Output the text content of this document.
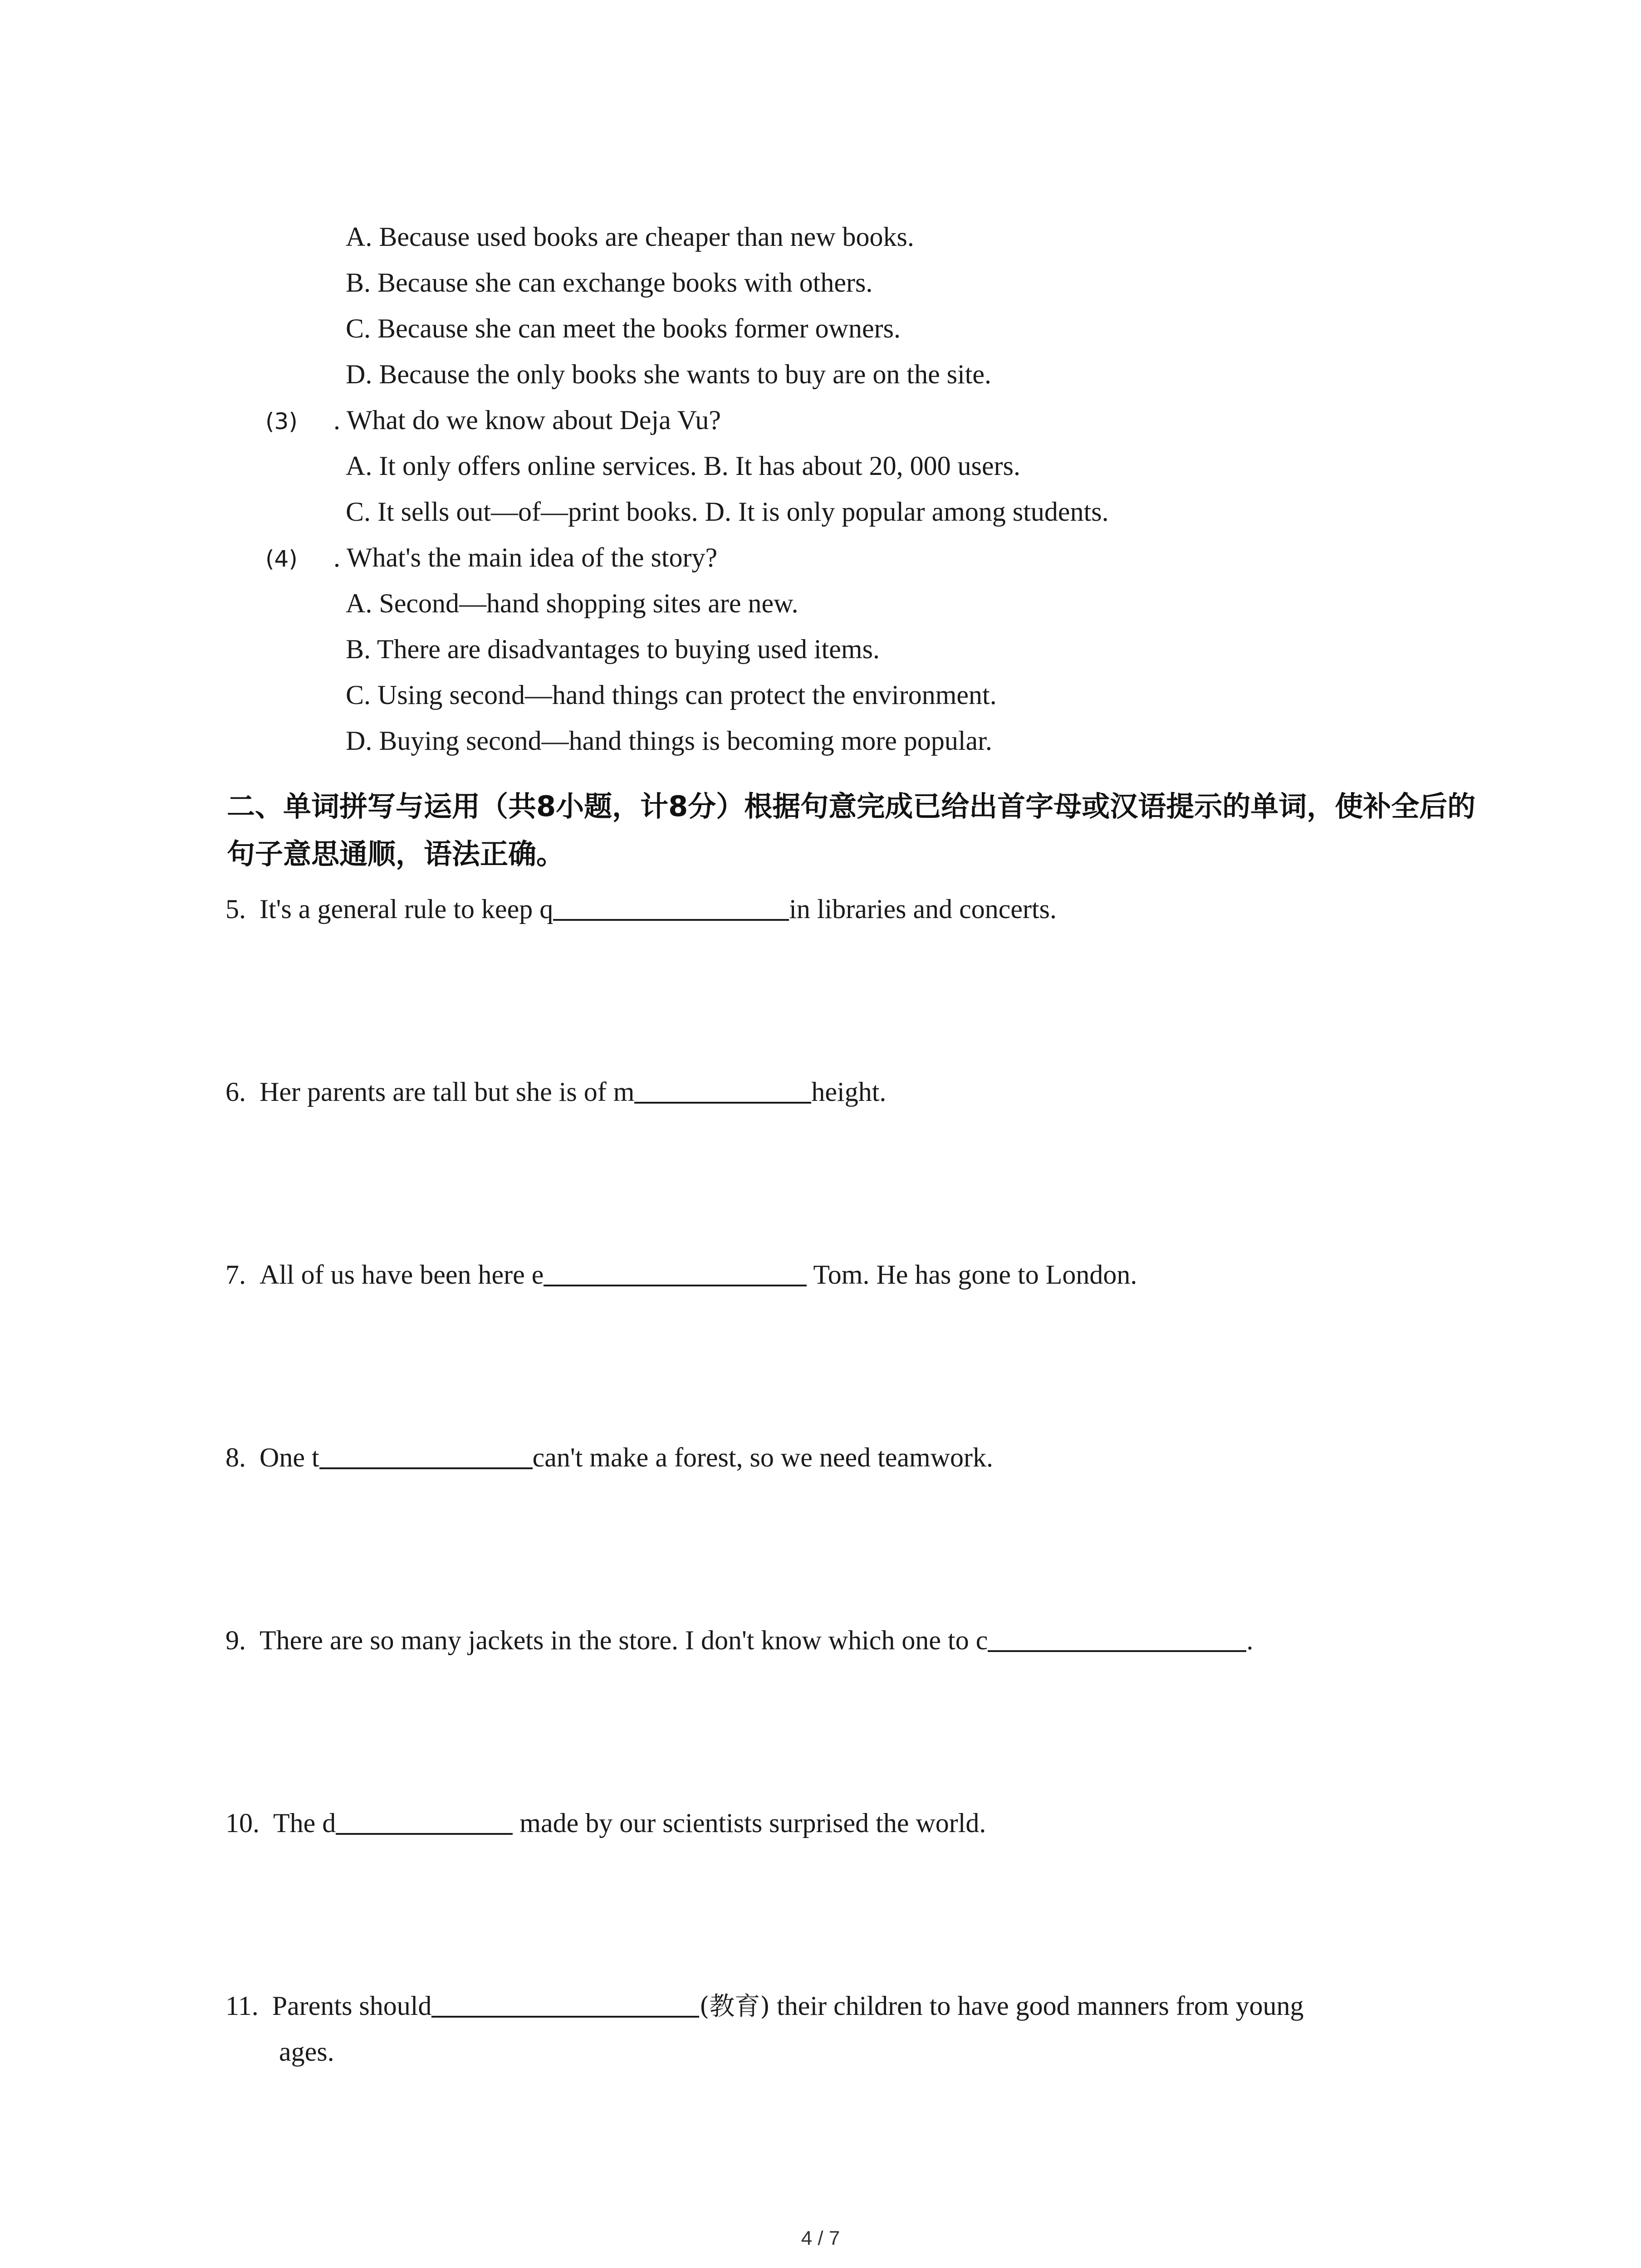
A. Because used books are cheaper than new books.
B. Because she can exchange books with others.
C. Because she can meet the books former owners.
D. Because the only books she wants to buy are on the site.
(3) . What do we know about Deja Vu?
A. It only offers online services. B. It has about 20, 000 users.
C. It sells out—of—print books. D. It is only popular among students.
(4) . What's the main idea of the story?
A. Second—hand shopping sites are new.
B. There are disadvantages to buying used items.
C. Using second—hand things can protect the environment.
D. Buying second—hand things is becoming more popular.
二、单词拼写与运用（共8小题，计8分）根据句意完成已给出首字母或汉语提示的单词，使补全后的句子意思通顺，语法正确。
5. It's a general rule to keep q	in libraries and concerts.
6. Her parents are tall but she is of m	height.
7. All of us have been here e	Tom. He has gone to London.
8. One t	can't make a forest, so we need teamwork.
9. There are so many jackets in the store. I don't know which one to c	.
10. The d	made by our scientists surprised the world.
11. Parents should	(教育) their children to have good manners from young
ages.
4 / 7
